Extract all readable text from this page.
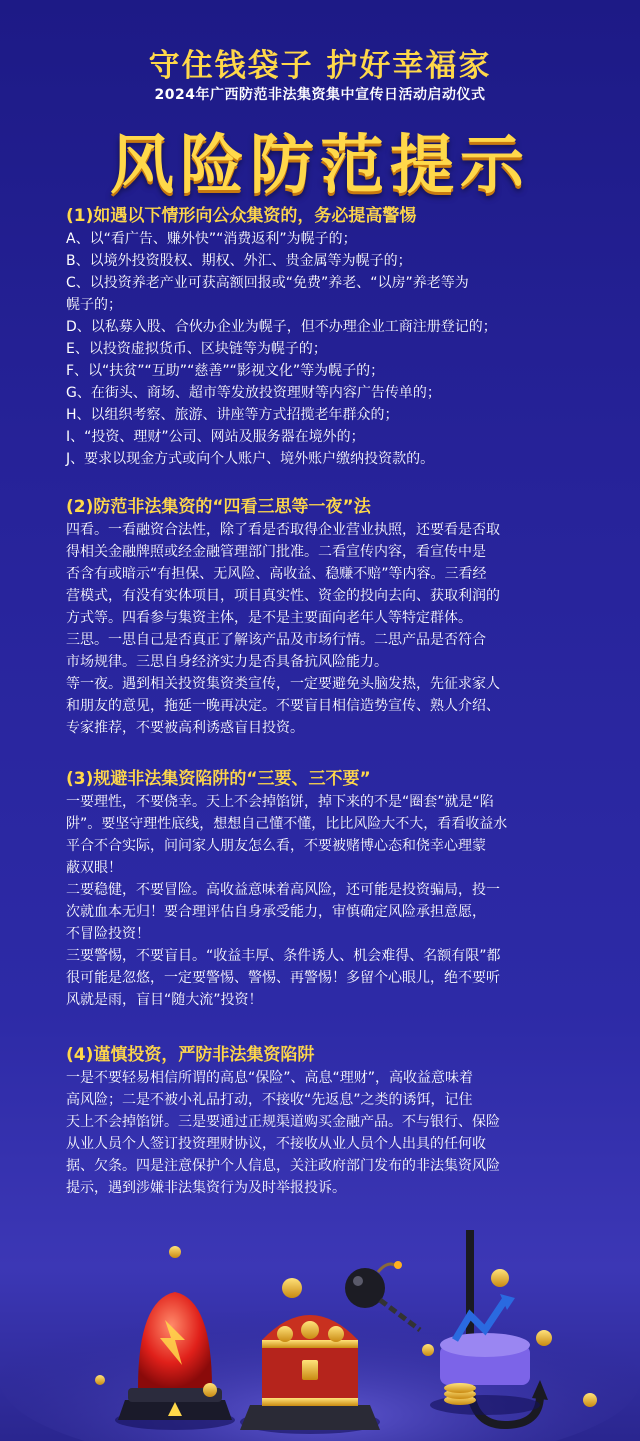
守住钱袋子 护好幸福家
2024年广西防范非法集资集中宣传日活动启动仪式
风险防范提示
(1)如遇以下情形向公众集资的，务必提高警惕

A、以“看广告、赚外快”“消费返利”为幌子的；

B、以境外投资股权、期权、外汇、贵金属等为幌子的；

C、以投资养老产业可获高额回报或“免费”养老、“以房”养老等为

幌子的；

D、以私募入股、合伙办企业为幌子，但不办理企业工商注册登记的；

E、以投资虚拟货币、区块链等为幌子的；

F、以“扶贫”“互助”“慈善”“影视文化”等为幌子的；

G、在街头、商场、超市等发放投资理财等内容广告传单的；

H、以组织考察、旅游、讲座等方式招揽老年群众的；

I、“投资、理财”公司、网站及服务器在境外的；

J、要求以现金方式或向个人账户、境外账户缴纳投资款的。

(2)防范非法集资的“四看三思等一夜”法

四看。一看融资合法性，除了看是否取得企业营业执照，还要看是否取

得相关金融牌照或经金融管理部门批准。二看宣传内容，看宣传中是

否含有或暗示“有担保、无风险、高收益、稳赚不赔”等内容。三看经

营模式，有没有实体项目，项目真实性、资金的投向去向、获取利润的

方式等。四看参与集资主体，是不是主要面向老年人等特定群体。

三思。一思自己是否真正了解该产品及市场行情。二思产品是否符合

市场规律。三思自身经济实力是否具备抗风险能力。

等一夜。遇到相关投资集资类宣传，一定要避免头脑发热，先征求家人

和朋友的意见，拖延一晚再决定。不要盲目相信造势宣传、熟人介绍、

专家推荐，不要被高利诱惑盲目投资。

(3)规避非法集资陷阱的“三要、三不要”

一要理性，不要侥幸。天上不会掉馅饼，掉下来的不是“圈套”就是“陷

阱”。要坚守理性底线，想想自己懂不懂，比比风险大不大，看看收益水

平合不合实际，问问家人朋友怎么看，不要被赌博心态和侥幸心理蒙

蔽双眼！

二要稳健，不要冒险。高收益意味着高风险，还可能是投资骗局，投一

次就血本无归！要合理评估自身承受能力，审慎确定风险承担意愿，

不冒险投资！

三要警惕，不要盲目。“收益丰厚、条件诱人、机会难得、名额有限”都

很可能是忽悠，一定要警惕、警惕、再警惕！多留个心眼儿，绝不要听

风就是雨，盲目“随大流”投资！

(4)谨慎投资，严防非法集资陷阱

一是不要轻易相信所谓的高息“保险”、高息“理财”，高收益意味着

高风险；二是不被小礼品打动，不接收“先返息”之类的诱饵，记住

天上不会掉馅饼。三是要通过正规渠道购买金融产品。不与银行、保险

从业人员个人签订投资理财协议，不接收从业人员个人出具的任何收

据、欠条。四是注意保护个人信息，关注政府部门发布的非法集资风险

提示，遇到涉嫌非法集资行为及时举报投诉。
